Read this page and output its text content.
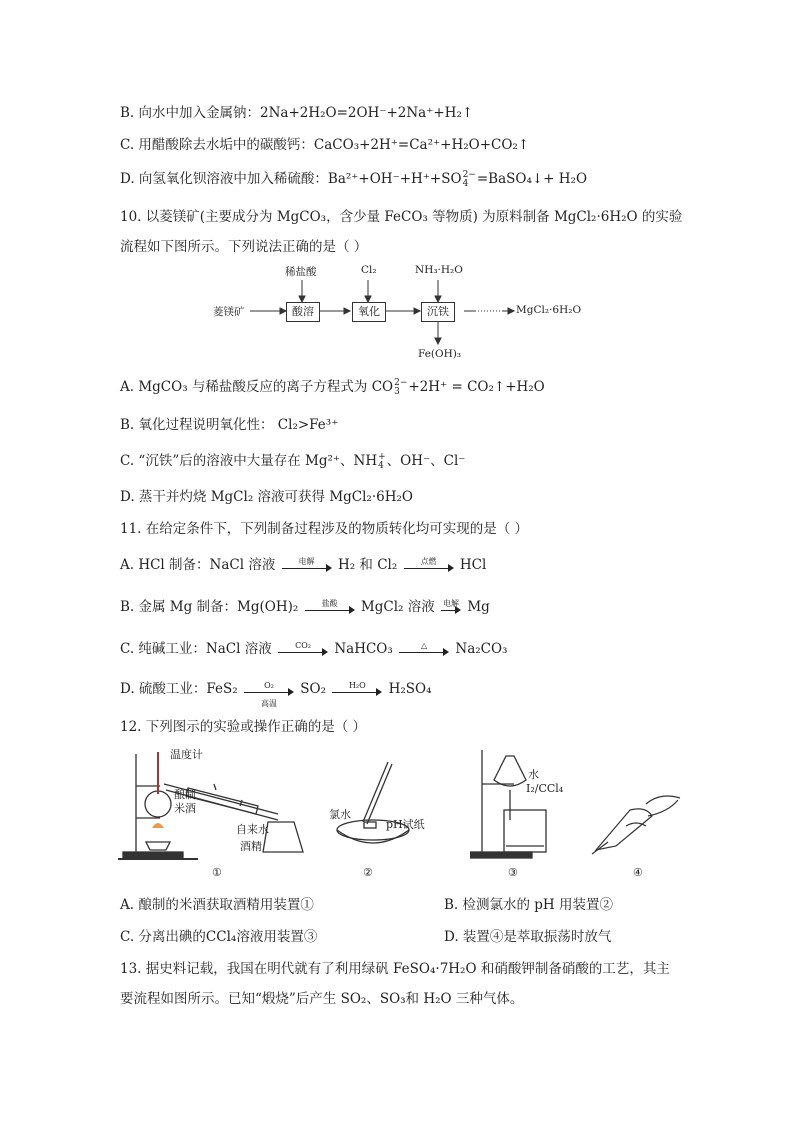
B. 向水中加入金属钠：2Na+2H₂O=2OH⁻+2Na⁺+H₂↑
C. 用醋酸除去水垢中的碳酸钙：CaCO₃+2H⁺=Ca²⁺+H₂O+CO₂↑
D. 向氢氧化钡溶液中加入稀硫酸：Ba²⁺+OH⁻+H⁺+SO 2−
4 =BaSO₄↓+ H₂O
10. 以菱镁矿(主要成分为 MgCO₃，含少量 FeCO₃ 等物质) 为原料制备 MgCl₂·6H₂O 的实验
流程如下图所示。下列说法正确的是（ ）
菱镁矿	酸溶	氧化	沉铁
稀盐酸	Cl₂	NH₃·H₂O
MgCl₂·6H₂O
Fe(OH)₃
A. MgCO₃ 与稀盐酸反应的离子方程式为 CO 2−
3 +2H⁺ = CO₂↑+H₂O
B. 氧化过程说明氧化性： Cl₂>Fe³⁺
C. “沉铁”后的溶液中大量存在 Mg²⁺、NH +
4 、OH⁻、Cl⁻
D. 蒸干并灼烧 MgCl₂ 溶液可获得 MgCl₂·6H₂O
11. 在给定条件下，下列制备过程涉及的物质转化均可实现的是（ ）
A. HCl 制备：NaCl 溶液	电解	H₂ 和 Cl₂	点燃	HCl
B. 金属 Mg 制备：Mg(OH)₂	盐酸	MgCl₂ 溶液 电解 Mg
C. 纯碱工业：NaCl 溶液	CO₂	NaHCO₃	△	Na₂CO₃
D. 硫酸工业：FeS₂	O₂
高温
SO₂	H₂O	H₂SO₄
12. 下列图示的实验或操作正确的是（ ）
温度计
酿制
米酒
自来水
酒精
氯水
pH试纸
水
I₂/CCl₄
①	②	③	④
A. 酿制的米酒获取酒精用装置①	B. 检测氯水的 pH 用装置②
C. 分离出碘的CCl₄溶液用装置③	D. 装置④是萃取振荡时放气
13. 据史料记载，我国在明代就有了利用绿矾 FeSO₄·7H₂O 和硝酸钾制备硝酸的工艺，其主
要流程如图所示。已知“煅烧”后产生 SO₂、SO₃和 H₂O 三种气体。
